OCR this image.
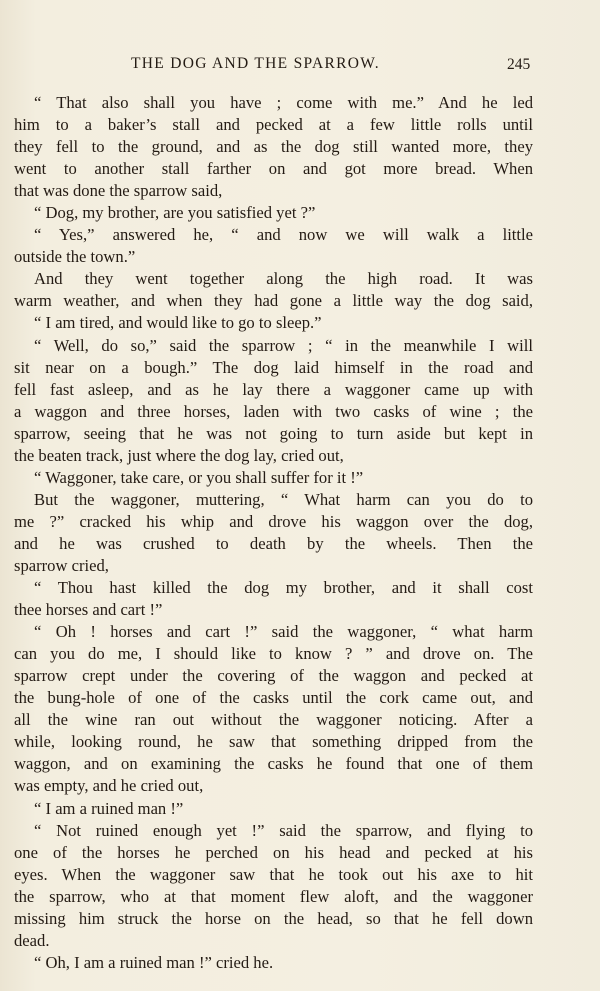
THE DOG AND THE SPARROW.	245
“ That also shall you have ; come with me.” And he led
him to a baker’s stall and pecked at a few little rolls until
they fell to the ground, and as the dog still wanted more, they
went to another stall farther on and got more bread. When
that was done the sparrow said,
“ Dog, my brother, are you satisfied yet ?”
“ Yes,” answered he, “ and now we will walk a little
outside the town.”
And they went together along the high road. It was
warm weather, and when they had gone a little way the dog said,
“ I am tired, and would like to go to sleep.”
“ Well, do so,” said the sparrow ; “ in the meanwhile I will
sit near on a bough.” The dog laid himself in the road and
fell fast asleep, and as he lay there a waggoner came up with
a waggon and three horses, laden with two casks of wine ; the
sparrow, seeing that he was not going to turn aside but kept in
the beaten track, just where the dog lay, cried out,
“ Waggoner, take care, or you shall suffer for it !”
But the waggoner, muttering, “ What harm can you do to
me ?” cracked his whip and drove his waggon over the dog,
and he was crushed to death by the wheels. Then the
sparrow cried,
“ Thou hast killed the dog my brother, and it shall cost
thee horses and cart !”
“ Oh ! horses and cart !” said the waggoner, “ what harm
can you do me, I should like to know ? ” and drove on. The
sparrow crept under the covering of the waggon and pecked at
the bung-hole of one of the casks until the cork came out, and
all the wine ran out without the waggoner noticing. After a
while, looking round, he saw that something dripped from the
waggon, and on examining the casks he found that one of them
was empty, and he cried out,
“ I am a ruined man !”
“ Not ruined enough yet !” said the sparrow, and flying to
one of the horses he perched on his head and pecked at his
eyes. When the waggoner saw that he took out his axe to hit
the sparrow, who at that moment flew aloft, and the waggoner
missing him struck the horse on the head, so that he fell down
dead.
“ Oh, I am a ruined man !” cried he.
